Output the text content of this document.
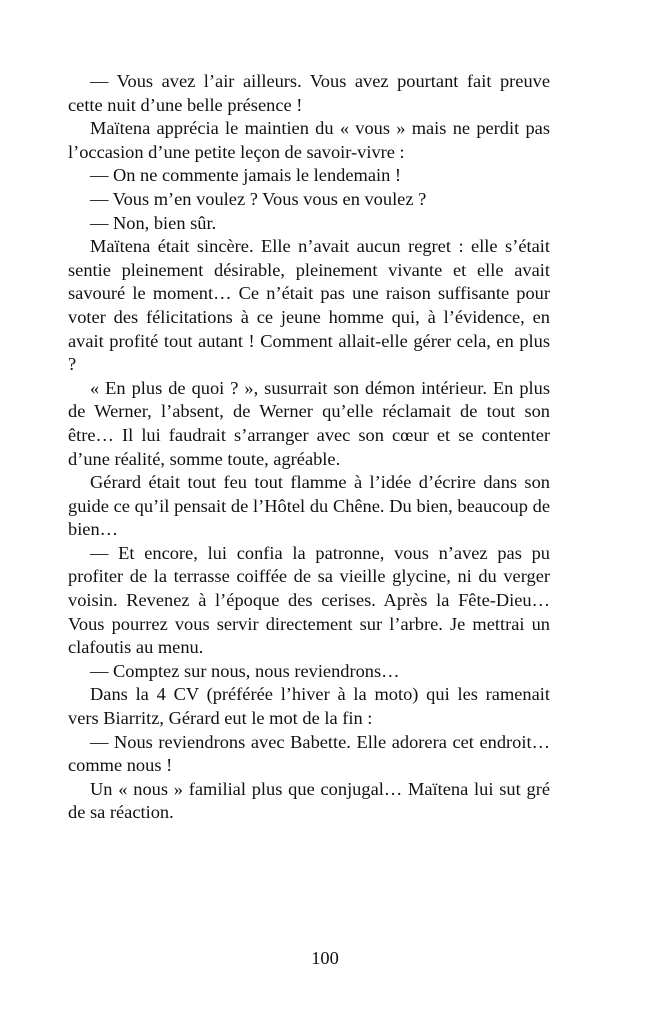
— Vous avez l’air ailleurs. Vous avez pourtant fait preuve cette nuit d’une belle présence !

Maïtena apprécia le maintien du « vous » mais ne perdit pas l’occasion d’une petite leçon de savoir-vivre :

— On ne commente jamais le lendemain !

— Vous m’en voulez ? Vous vous en voulez ?

— Non, bien sûr.

Maïtena était sincère. Elle n’avait aucun regret : elle s’était sentie pleinement désirable, pleinement vivante et elle avait savouré le moment… Ce n’était pas une raison suffisante pour voter des félicitations à ce jeune homme qui, à l’évidence, en avait profité tout autant ! Comment allait-elle gérer cela, en plus ?

« En plus de quoi ? », susurrait son démon intérieur. En plus de Werner, l’absent, de Werner qu’elle réclamait de tout son être… Il lui faudrait s’arranger avec son cœur et se contenter d’une réalité, somme toute, agréable.

Gérard était tout feu tout flamme à l’idée d’écrire dans son guide ce qu’il pensait de l’Hôtel du Chêne. Du bien, beaucoup de bien…

— Et encore, lui confia la patronne, vous n’avez pas pu profiter de la terrasse coiffée de sa vieille glycine, ni du verger voisin. Revenez à l’époque des cerises. Après la Fête-Dieu… Vous pourrez vous servir directement sur l’arbre. Je mettrai un clafoutis au menu.

— Comptez sur nous, nous reviendrons…

Dans la 4 CV (préférée l’hiver à la moto) qui les ramenait vers Biarritz, Gérard eut le mot de la fin :

— Nous reviendrons avec Babette. Elle adorera cet endroit… comme nous !

Un « nous » familial plus que conjugal… Maïtena lui sut gré de sa réaction.

100
